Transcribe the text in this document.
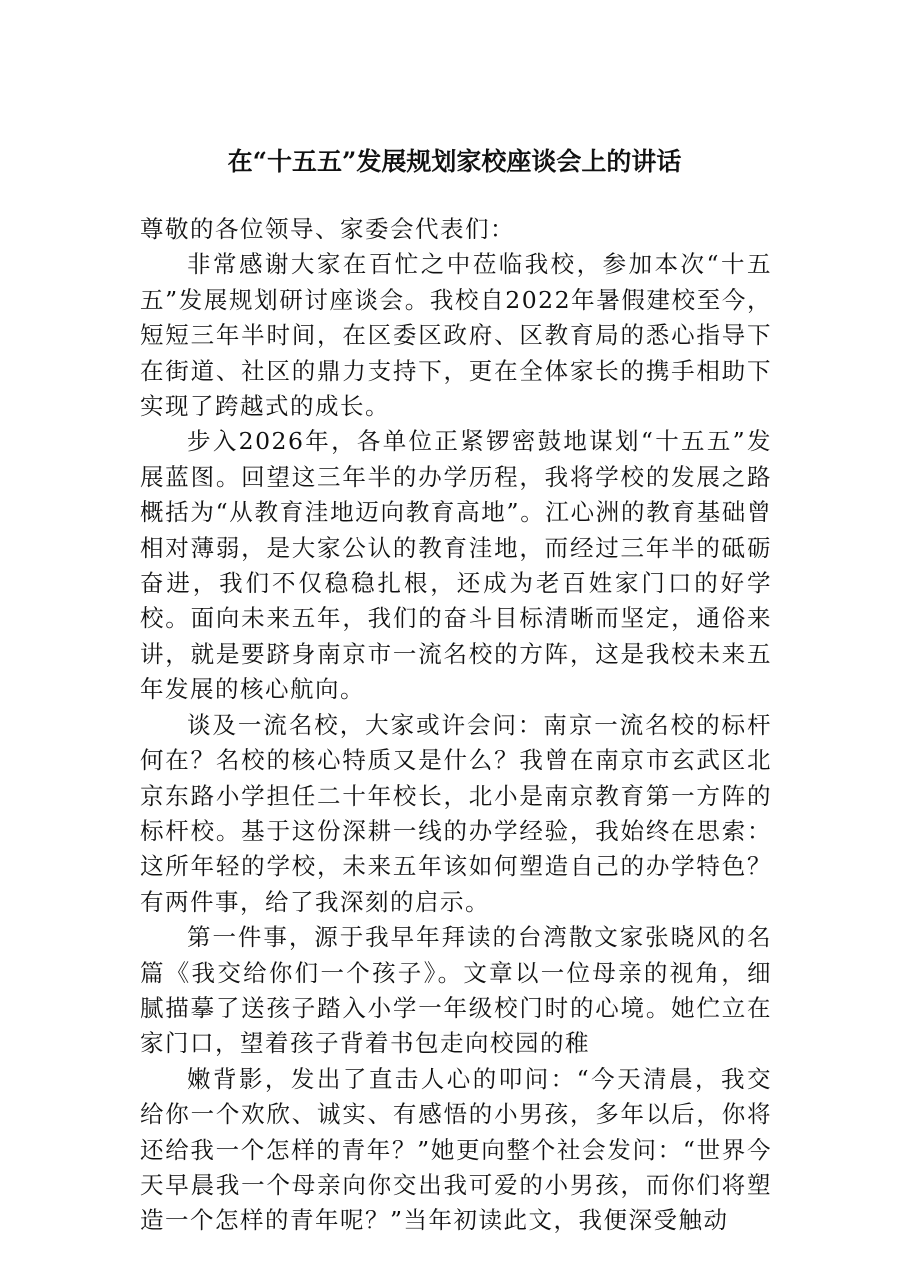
在“十五五”发展规划家校座谈会上的讲话

尊敬的各位领导、家委会代表们：

非常感谢大家在百忙之中莅临我校，参加本次“十五五”发展规划研讨座谈会。我校自2022年暑假建校至今，短短三年半时间，在区委区政府、区教育局的悉心指导下在街道、社区的鼎力支持下，更在全体家长的携手相助下实现了跨越式的成长。

步入2026年，各单位正紧锣密鼓地谋划“十五五”发展蓝图。回望这三年半的办学历程，我将学校的发展之路概括为“从教育洼地迈向教育高地”。江心洲的教育基础曾相对薄弱，是大家公认的教育洼地，而经过三年半的砥砺奋进，我们不仅稳稳扎根，还成为老百姓家门口的好学校。面向未来五年，我们的奋斗目标清晰而坚定，通俗来讲，就是要跻身南京市一流名校的方阵，这是我校未来五年发展的核心航向。

谈及一流名校，大家或许会问：南京一流名校的标杆何在？名校的核心特质又是什么？我曾在南京市玄武区北京东路小学担任二十年校长，北小是南京教育第一方阵的标杆校。基于这份深耕一线的办学经验，我始终在思索：这所年轻的学校，未来五年该如何塑造自己的办学特色？有两件事，给了我深刻的启示。

第一件事，源于我早年拜读的台湾散文家张晓风的名篇《我交给你们一个孩子》。文章以一位母亲的视角，细腻描摹了送孩子踏入小学一年级校门时的心境。她伫立在家门口，望着孩子背着书包走向校园的稚

嫩背影，发出了直击人心的叩问：“今天清晨，我交给你一个欢欣、诚实、有感悟的小男孩，多年以后，你将还给我一个怎样的青年？”她更向整个社会发问：“世界今天早晨我一个母亲向你交出我可爱的小男孩，而你们将塑造一个怎样的青年呢？”当年初读此文，我便深受触动
